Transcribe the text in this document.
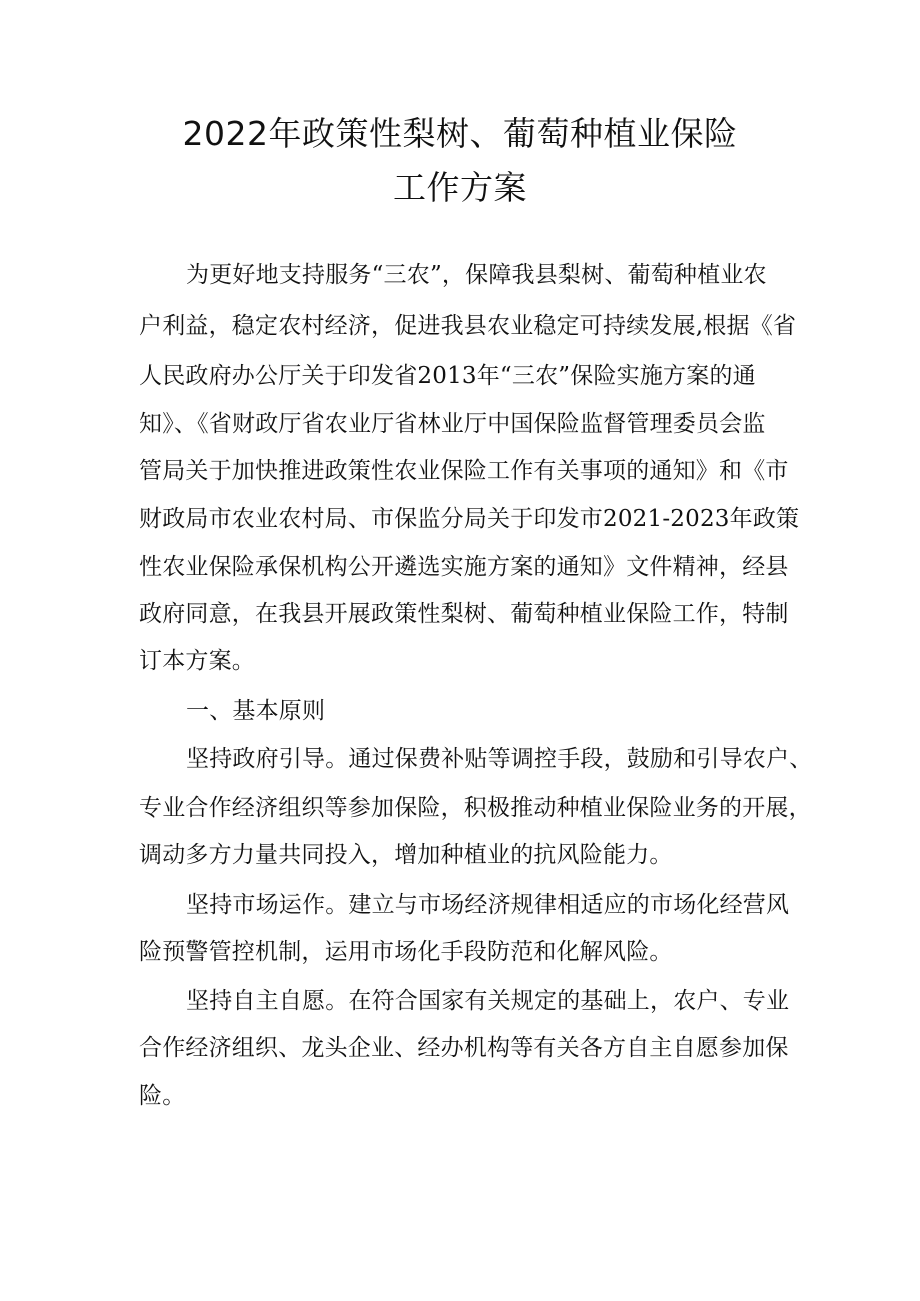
2022年政策性梨树、葡萄种植业保险
工作方案
为更好地支持服务“三农”，保障我县梨树、葡萄种植业农
户利益，稳定农村经济，促进我县农业稳定可持续发展,根据《省
人民政府办公厅关于印发省2013年“三农”保险实施方案的通
知》、《省财政厅省农业厅省林业厅中国保险监督管理委员会监
管局关于加快推进政策性农业保险工作有关事项的通知》和《市
财政局市农业农村局、市保监分局关于印发市2021-2023年政策
性农业保险承保机构公开遴选实施方案的通知》文件精神，经县
政府同意，在我县开展政策性梨树、葡萄种植业保险工作，特制
订本方案。
一、基本原则
坚持政府引导。通过保费补贴等调控手段，鼓励和引导农户、
专业合作经济组织等参加保险，积极推动种植业保险业务的开展，
调动多方力量共同投入，增加种植业的抗风险能力。
坚持市场运作。建立与市场经济规律相适应的市场化经营风
险预警管控机制，运用市场化手段防范和化解风险。
坚持自主自愿。在符合国家有关规定的基础上，农户、专业
合作经济组织、龙头企业、经办机构等有关各方自主自愿参加保
险。
